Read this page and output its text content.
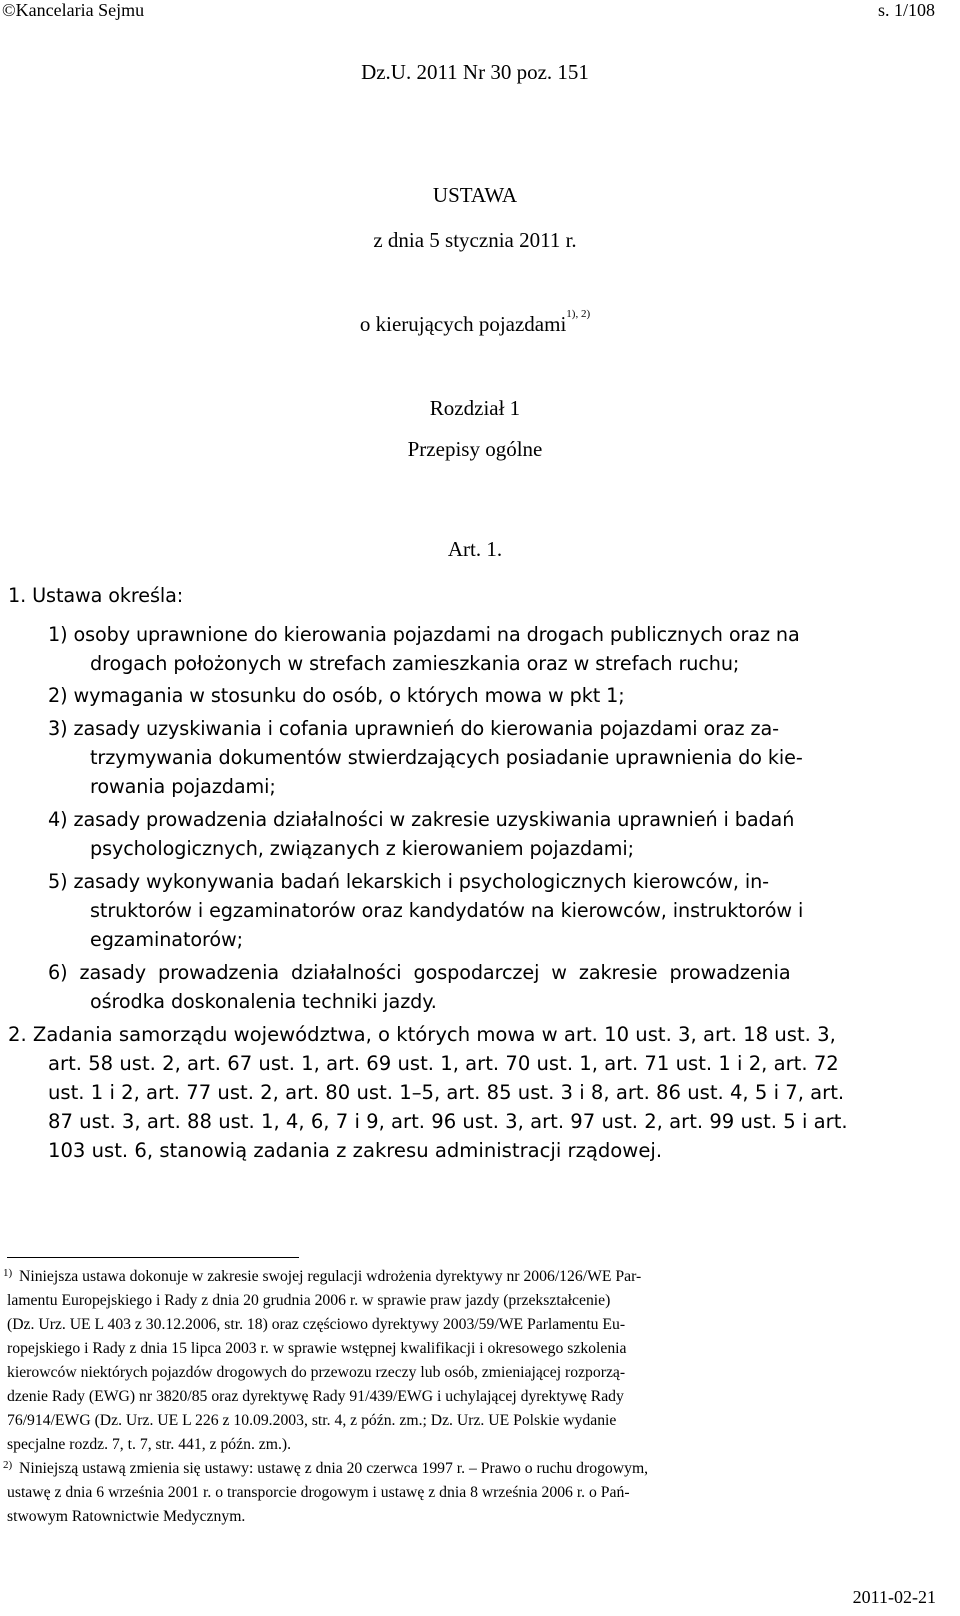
©Kancelaria Sejmu	s. 1/108
Dz.U. 2011 Nr 30 poz. 151
USTAWA
z dnia 5 stycznia 2011 r.
o kierujących pojazdami$^{1), 2)}$
Rozdział 1
Przepisy ogólne
Art. 1.
1. Ustawa określa:
1) osoby uprawnione do kierowania pojazdami na drogach publicznych oraz na
drogach położonych w strefach zamieszkania oraz w strefach ruchu;
2) wymagania w stosunku do osób, o których mowa w pkt 1;
3) zasady uzyskiwania i cofania uprawnień do kierowania pojazdami oraz za-
trzymywania dokumentów stwierdzających posiadanie uprawnienia do kie-
rowania pojazdami;
4) zasady prowadzenia działalności w zakresie uzyskiwania uprawnień i badań
psychologicznych, związanych z kierowaniem pojazdami;
5) zasady wykonywania badań lekarskich i psychologicznych kierowców, in-
struktorów i egzaminatorów oraz kandydatów na kierowców, instruktorów i
egzaminatorów;
6) zasady prowadzenia działalności gospodarczej w zakresie prowadzenia
ośrodka doskonalenia techniki jazdy.
2. Zadania samorządu województwa, o których mowa w art. 10 ust. 3, art. 18 ust. 3,
art. 58 ust. 2, art. 67 ust. 1, art. 69 ust. 1, art. 70 ust. 1, art. 71 ust. 1 i 2, art. 72
ust. 1 i 2, art. 77 ust. 2, art. 80 ust. 1–5, art. 85 ust. 3 i 8, art. 86 ust. 4, 5 i 7, art.
87 ust. 3, art. 88 ust. 1, 4, 6, 7 i 9, art. 96 ust. 3, art. 97 ust. 2, art. 99 ust. 5 i art.
103 ust. 6, stanowią zadania z zakresu administracji rządowej.
1) Niniejsza ustawa dokonuje w zakresie swojej regulacji wdrożenia dyrektywy nr 2006/126/WE Par-
lamentu Europejskiego i Rady z dnia 20 grudnia 2006 r. w sprawie praw jazdy (przekształcenie)
(Dz. Urz. UE L 403 z 30.12.2006, str. 18) oraz częściowo dyrektywy 2003/59/WE Parlamentu Eu-
ropejskiego i Rady z dnia 15 lipca 2003 r. w sprawie wstępnej kwalifikacji i okresowego szkolenia
kierowców niektórych pojazdów drogowych do przewozu rzeczy lub osób, zmieniającej rozporzą-
dzenie Rady (EWG) nr 3820/85 oraz dyrektywę Rady 91/439/EWG i uchylającej dyrektywę Rady
76/914/EWG (Dz. Urz. UE L 226 z 10.09.2003, str. 4, z późn. zm.; Dz. Urz. UE Polskie wydanie
specjalne rozdz. 7, t. 7, str. 441, z późn. zm.).
2) Niniejszą ustawą zmienia się ustawy: ustawę z dnia 20 czerwca 1997 r. – Prawo o ruchu drogowym,
ustawę z dnia 6 września 2001 r. o transporcie drogowym i ustawę z dnia 8 września 2006 r. o Pań-
stwowym Ratownictwie Medycznym.
2011-02-21
